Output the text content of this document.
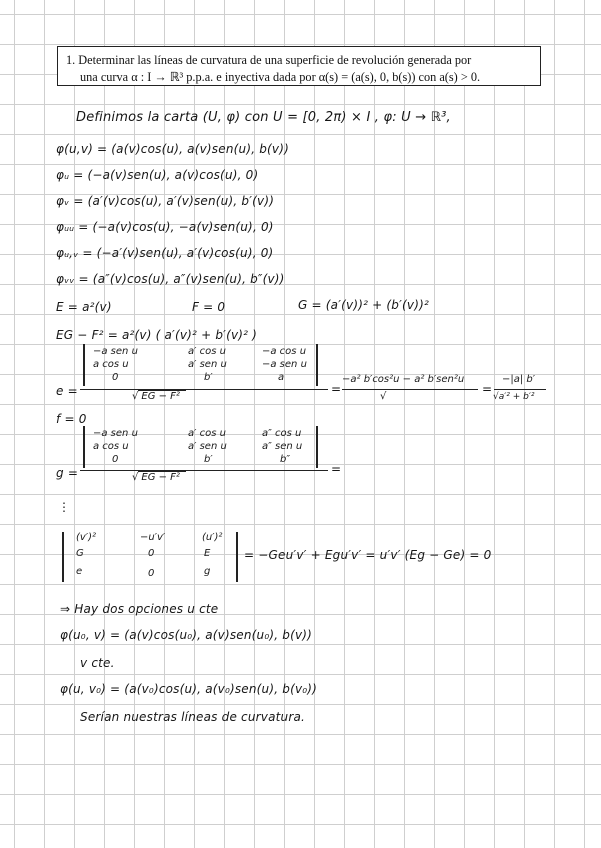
1. Determinar las líneas de curvatura de una superficie de revolución generada por
una curva α : I → ℝ³ p.p.a. e inyectiva dada por α(s) = (a(s), 0, b(s)) con a(s) > 0.
Definimos la carta (U, φ) con U = [0, 2π) × I , φ: U → ℝ³,
φ(u,v) = (a(v)cos(u), a(v)sen(u), b(v))
φᵤ = (−a(v)sen(u), a(v)cos(u), 0)
φᵥ = (a′(v)cos(u), a′(v)sen(u), b′(v))
φᵤᵤ = (−a(v)cos(u), −a(v)sen(u), 0)
φᵤ,ᵥ = (−a′(v)sen(u), a′(v)cos(u), 0)
φᵥᵥ = (a″(v)cos(u), a″(v)sen(u), b″(v))
E = a²(v)	F = 0	G = (a′(v))² + (b′(v))²
EG − F² = a²(v) ( a′(v)² + b′(v)² )
e =
−a sen u	a′ cos u	−a cos u
a cos u	a′ sen u	−a sen u
0	b′	a
√ EG − F²
=
−a² b′cos²u − a² b′sen²u
√
=
−|a| b′
√a′² + b′²
f = 0
g =
−a sen u	a′ cos u	a″ cos u
a cos u	a′ sen u	a″ sen u
0	b′	b″
√ EG − F²
=
⋮
(v′)²	−u′v′	(u′)²
G	0	E
e	0	g
= −Geu′v′ + Egu′v′ = u′v′ (Eg − Ge) = 0
⇒ Hay dos opciones u cte
φ(u₀, v) = (a(v)cos(u₀), a(v)sen(u₀), b(v))
v cte.
φ(u, v₀) = (a(v₀)cos(u), a(v₀)sen(u), b(v₀))
Serían nuestras líneas de curvatura.
